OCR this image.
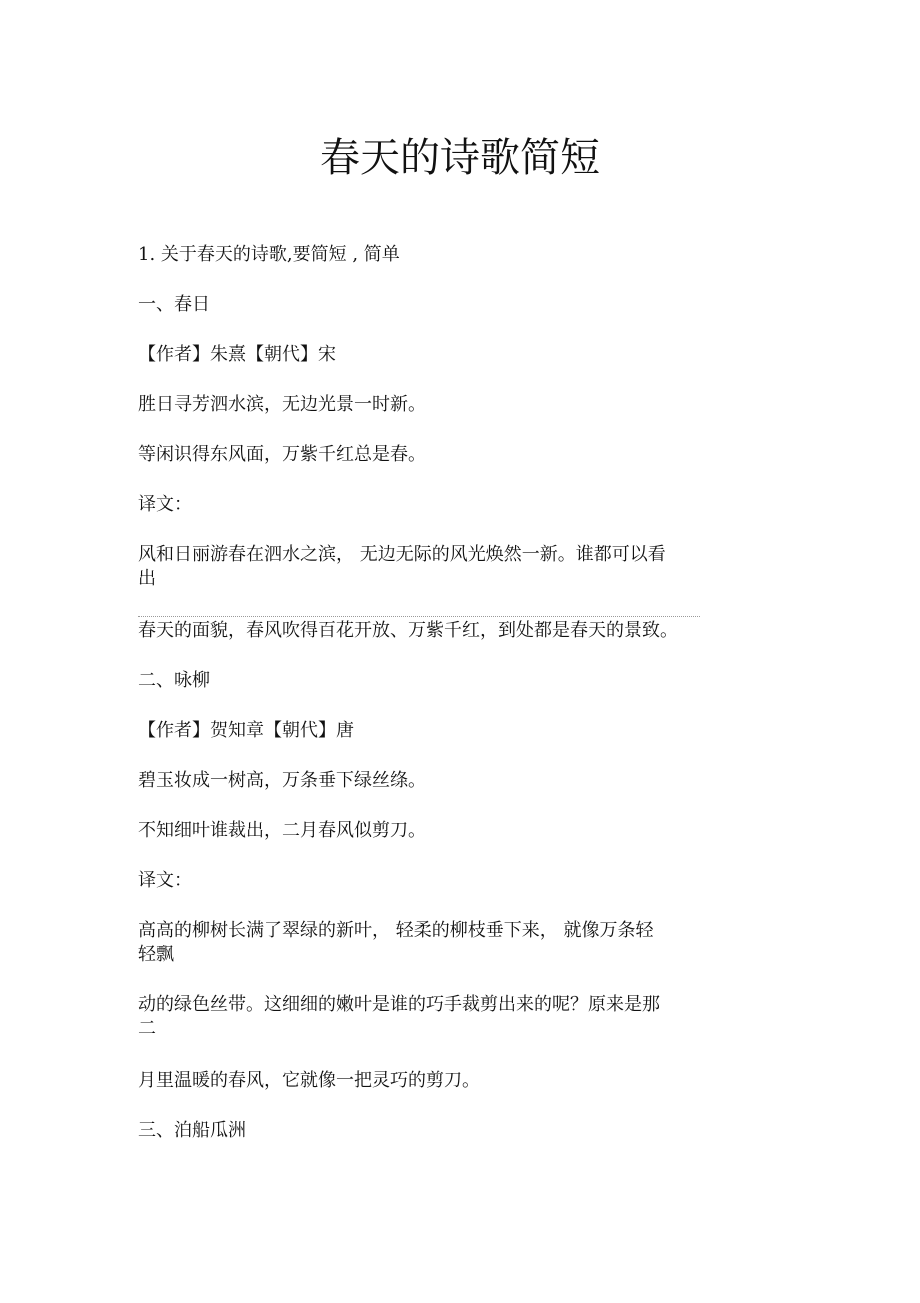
春天的诗歌简短

1. 关于春天的诗歌,要简短 , 简单

一、春日

【作者】朱熹【朝代】宋

胜日寻芳泗水滨，无边光景一时新。

等闲识得东风面，万紫千红总是春。

译文：

风和日丽游春在泗水之滨， 无边无际的风光焕然一新。谁都可以看

出

春天的面貌，春风吹得百花开放、万紫千红，到处都是春天的景致。

二、咏柳

【作者】贺知章【朝代】唐

碧玉妆成一树高，万条垂下绿丝绦。

不知细叶谁裁出，二月春风似剪刀。

译文：

高高的柳树长满了翠绿的新叶， 轻柔的柳枝垂下来， 就像万条轻

轻飘

动的绿色丝带。这细细的嫩叶是谁的巧手裁剪出来的呢？原来是那

二

月里温暖的春风，它就像一把灵巧的剪刀。

三、泊船瓜洲
